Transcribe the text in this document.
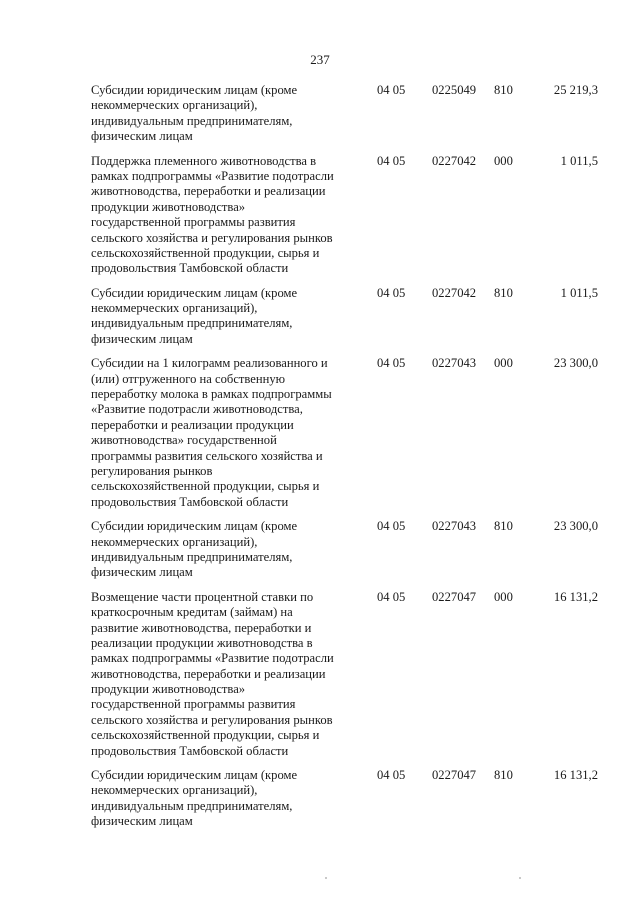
237
Субсидии юридическим лицам (кроме
некоммерческих организаций),
индивидуальным предпринимателям,
физическим лицам
04 05 0225049 810	25 219,3
Поддержка племенного животноводства в
рамках подпрограммы «Развитие подотрасли
животноводства, переработки и реализации
продукции животноводства»
государственной программы развития
сельского хозяйства и регулирования рынков
сельскохозяйственной продукции, сырья и
продовольствия Тамбовской области
04 05 0227042 000	1 011,5
Субсидии юридическим лицам (кроме
некоммерческих организаций),
индивидуальным предпринимателям,
физическим лицам
04 05 0227042 810	1 011,5
Субсидии на 1 килограмм реализованного и
(или) отгруженного на собственную
переработку молока в рамках подпрограммы
«Развитие подотрасли животноводства,
переработки и реализации продукции
животноводства» государственной
программы развития сельского хозяйства и
регулирования рынков
сельскохозяйственной продукции, сырья и
продовольствия Тамбовской области
04 05 0227043 000	23 300,0
Субсидии юридическим лицам (кроме
некоммерческих организаций),
индивидуальным предпринимателям,
физическим лицам
04 05 0227043 810	23 300,0
Возмещение части процентной ставки по
краткосрочным кредитам (займам) на
развитие животноводства, переработки и
реализации продукции животноводства в
рамках подпрограммы «Развитие подотрасли
животноводства, переработки и реализации
продукции животноводства»
государственной программы развития
сельского хозяйства и регулирования рынков
сельскохозяйственной продукции, сырья и
продовольствия Тамбовской области
04 05 0227047 000	16 131,2
Субсидии юридическим лицам (кроме
некоммерческих организаций),
индивидуальным предпринимателям,
физическим лицам
04 05 0227047 810	16 131,2
